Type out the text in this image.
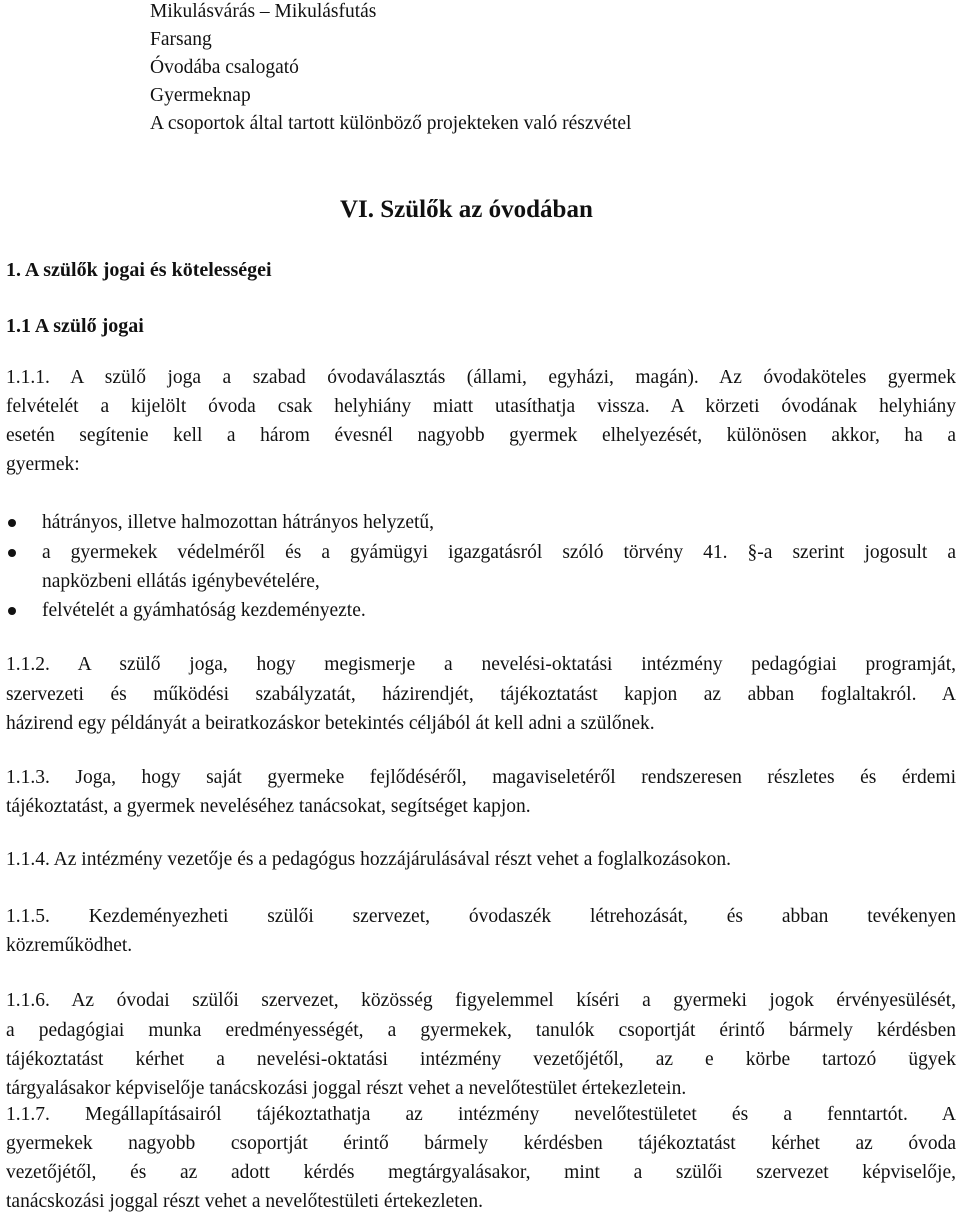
Mikulásvárás – Mikulásfutás
Farsang
Óvodába csalogató
Gyermeknap
A csoportok által tartott különböző projekteken való részvétel
VI. Szülők az óvodában
1. A szülők jogai és kötelességei
1.1 A szülő jogai
1.1.1. A szülő joga a szabad óvodaválasztás (állami, egyházi, magán). Az óvodaköteles gyermek
felvételét a kijelölt óvoda csak helyhiány miatt utasíthatja vissza. A körzeti óvodának helyhiány
esetén segítenie kell a három évesnél nagyobb gyermek elhelyezését, különösen akkor, ha a
gyermek:
hátrányos, illetve halmozottan hátrányos helyzetű,
a gyermekek védelméről és a gyámügyi igazgatásról szóló törvény 41. §-a szerint jogosult a
napközbeni ellátás igénybevételére,
felvételét a gyámhatóság kezdeményezte.
1.1.2. A szülő joga, hogy megismerje a nevelési-oktatási intézmény pedagógiai programját,
szervezeti és működési szabályzatát, házirendjét, tájékoztatást kapjon az abban foglaltakról. A
házirend egy példányát a beiratkozáskor betekintés céljából át kell adni a szülőnek.
1.1.3. Joga, hogy saját gyermeke fejlődéséről, magaviseletéről rendszeresen részletes és érdemi
tájékoztatást, a gyermek neveléséhez tanácsokat, segítséget kapjon.
1.1.4. Az intézmény vezetője és a pedagógus hozzájárulásával részt vehet a foglalkozásokon.
1.1.5. Kezdeményezheti szülői szervezet, óvodaszék létrehozását, és abban tevékenyen
közreműködhet.
1.1.6. Az óvodai szülői szervezet, közösség figyelemmel kíséri a gyermeki jogok érvényesülését,
a pedagógiai munka eredményességét, a gyermekek, tanulók csoportját érintő bármely kérdésben
tájékoztatást kérhet a nevelési-oktatási intézmény vezetőjétől, az e körbe tartozó ügyek
tárgyalásakor képviselője tanácskozási joggal részt vehet a nevelőtestület értekezletein.
1.1.7. Megállapításairól tájékoztathatja az intézmény nevelőtestületet és a fenntartót. A
gyermekek nagyobb csoportját érintő bármely kérdésben tájékoztatást kérhet az óvoda
vezetőjétől, és az adott kérdés megtárgyalásakor, mint a szülői szervezet képviselője,
tanácskozási joggal részt vehet a nevelőtestületi értekezleten.
